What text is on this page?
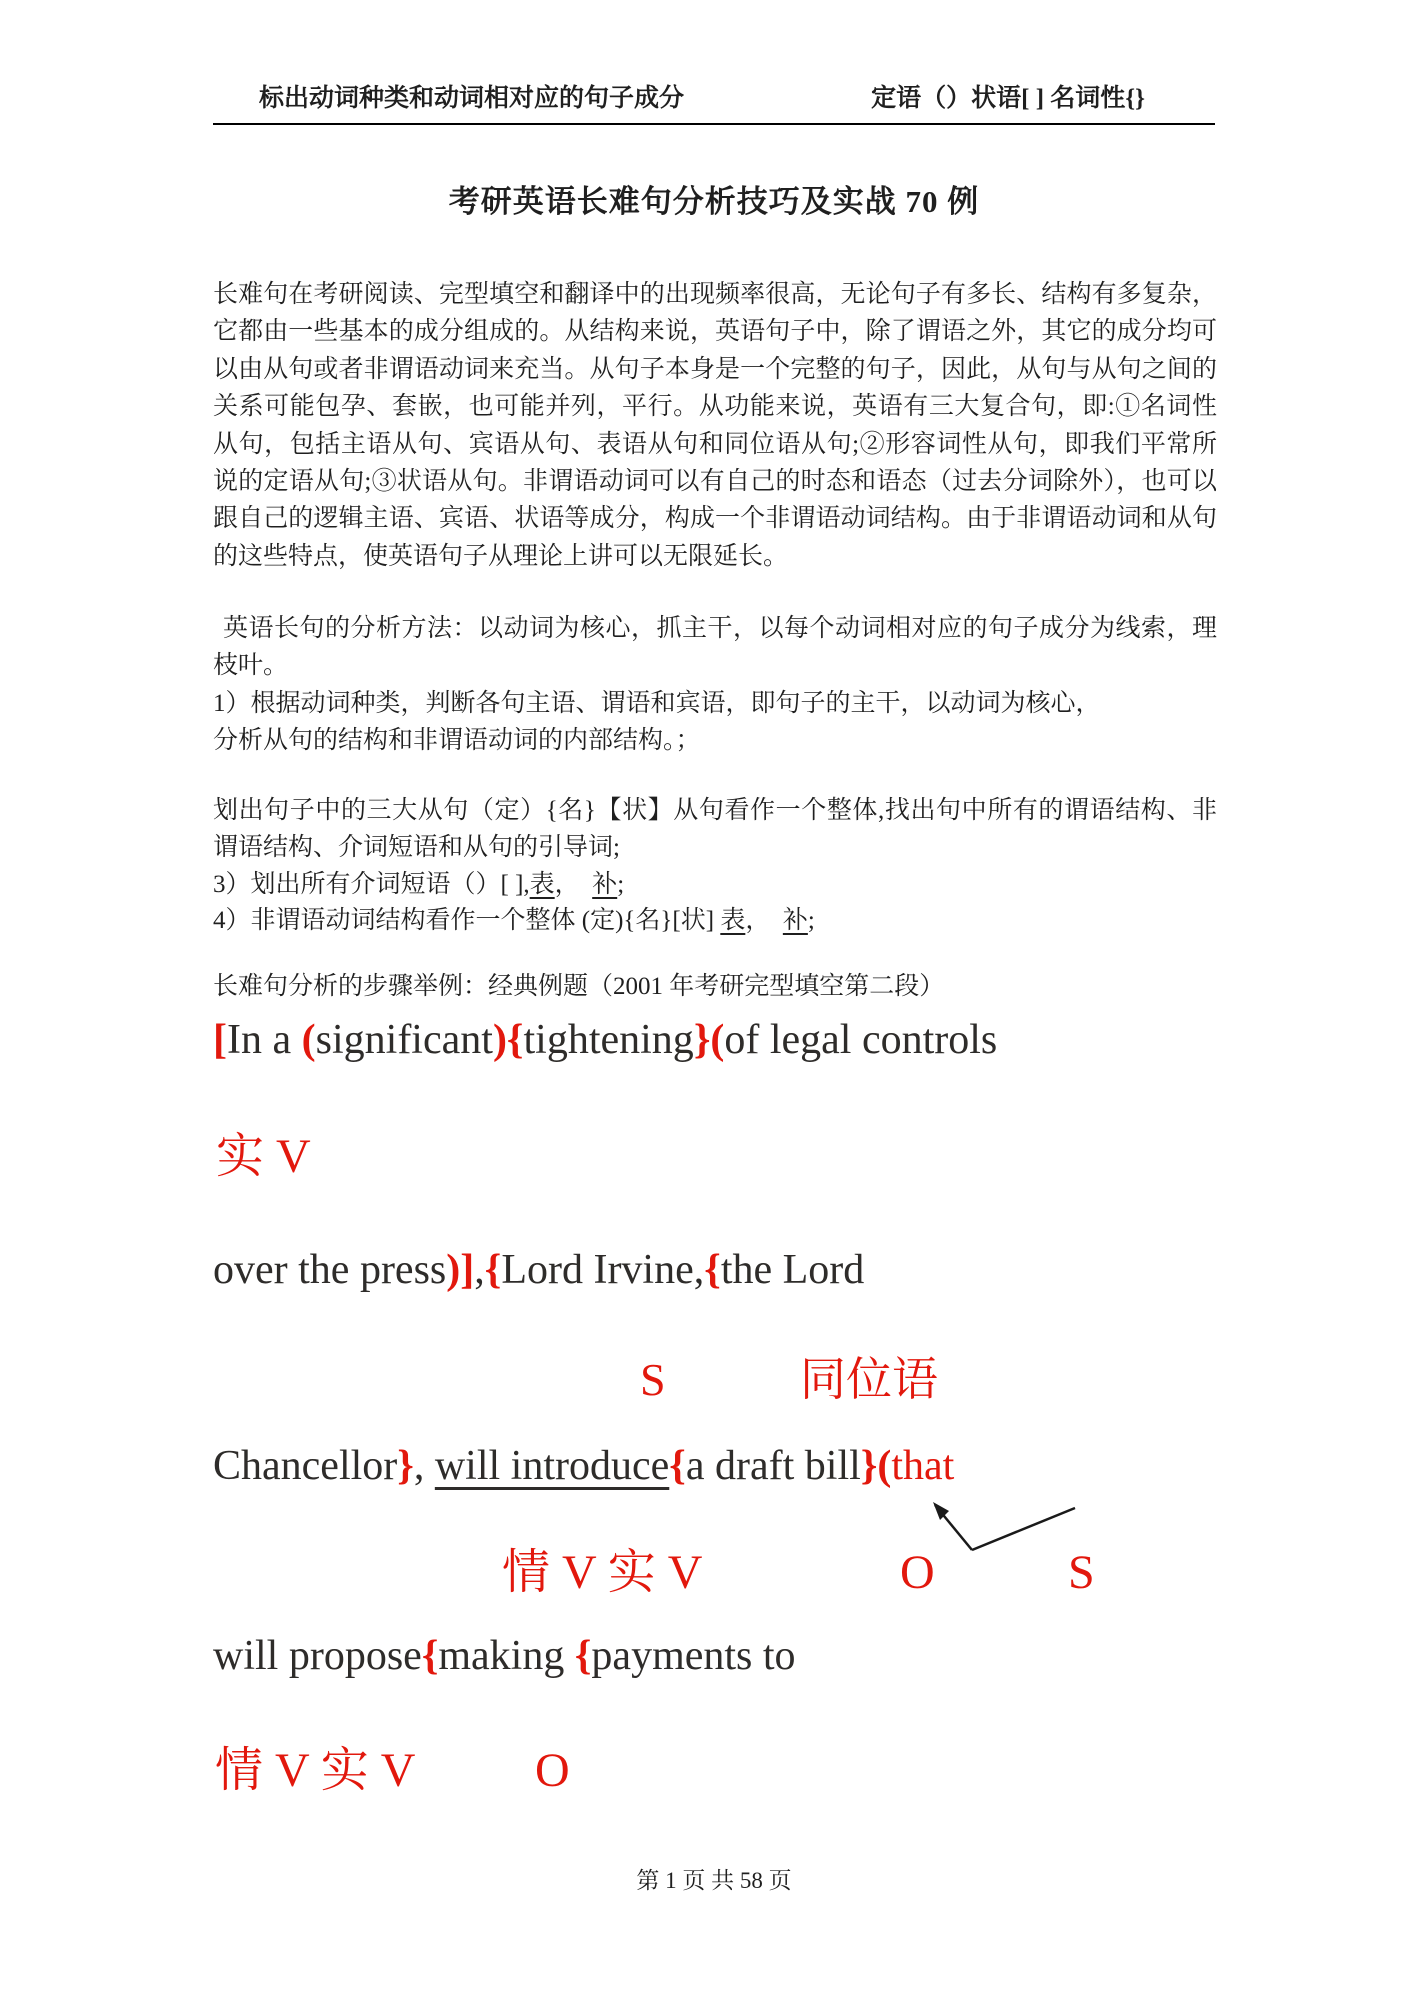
标出动词种类和动词相对应的句子成分	定语（）状语[ ] 名词性{}
考研英语长难句分析技巧及实战 70 例

长难句在考研阅读、完型填空和翻译中的出现频率很高，无论句子有多长、结构有多复杂，它都由一些基本的成分组成的。从结构来说，英语句子中，除了谓语之外，其它的成分均可以由从句或者非谓语动词来充当。从句子本身是一个完整的句子，因此，从句与从句之间的关系可能包孕、套嵌，也可能并列，平行。从功能来说，英语有三大复合句，即:①名词性从句，包括主语从句、宾语从句、表语从句和同位语从句;②形容词性从句，即我们平常所说的定语从句;③状语从句。非谓语动词可以有自己的时态和语态（过去分词除外），也可以跟自己的逻辑主语、宾语、状语等成分，构成一个非谓语动词结构。由于非谓语动词和从句的这些特点，使英语句子从理论上讲可以无限延长。

英语长句的分析方法：以动词为核心，抓主干，以每个动词相对应的句子成分为线索，理枝叶。

1）根据动词种类，判断各句主语、谓语和宾语，即句子的主干，以动词为核心，
分析从句的结构和非谓语动词的内部结构。；

划出句子中的三大从句（定）{名}【状】从句看作一个整体,找出句中所有的谓语结构、非谓语结构、介词短语和从句的引导词;

3）划出所有介词短语（）[ ],表，　补;

4）非谓语动词结构看作一个整体 (定){名}[状] 表，　补;

长难句分析的步骤举例：经典例题（2001 年考研完型填空第二段）

[In a (significant){tightening}(of legal controls
实 V
over the press)],{Lord Irvine,{the Lord
S	同位语
Chancellor}, will introduce{a draft bill}(that
情 V 实 V	O	S
will propose{making {payments to
情 V 实 V O
第 1 页 共 58 页
